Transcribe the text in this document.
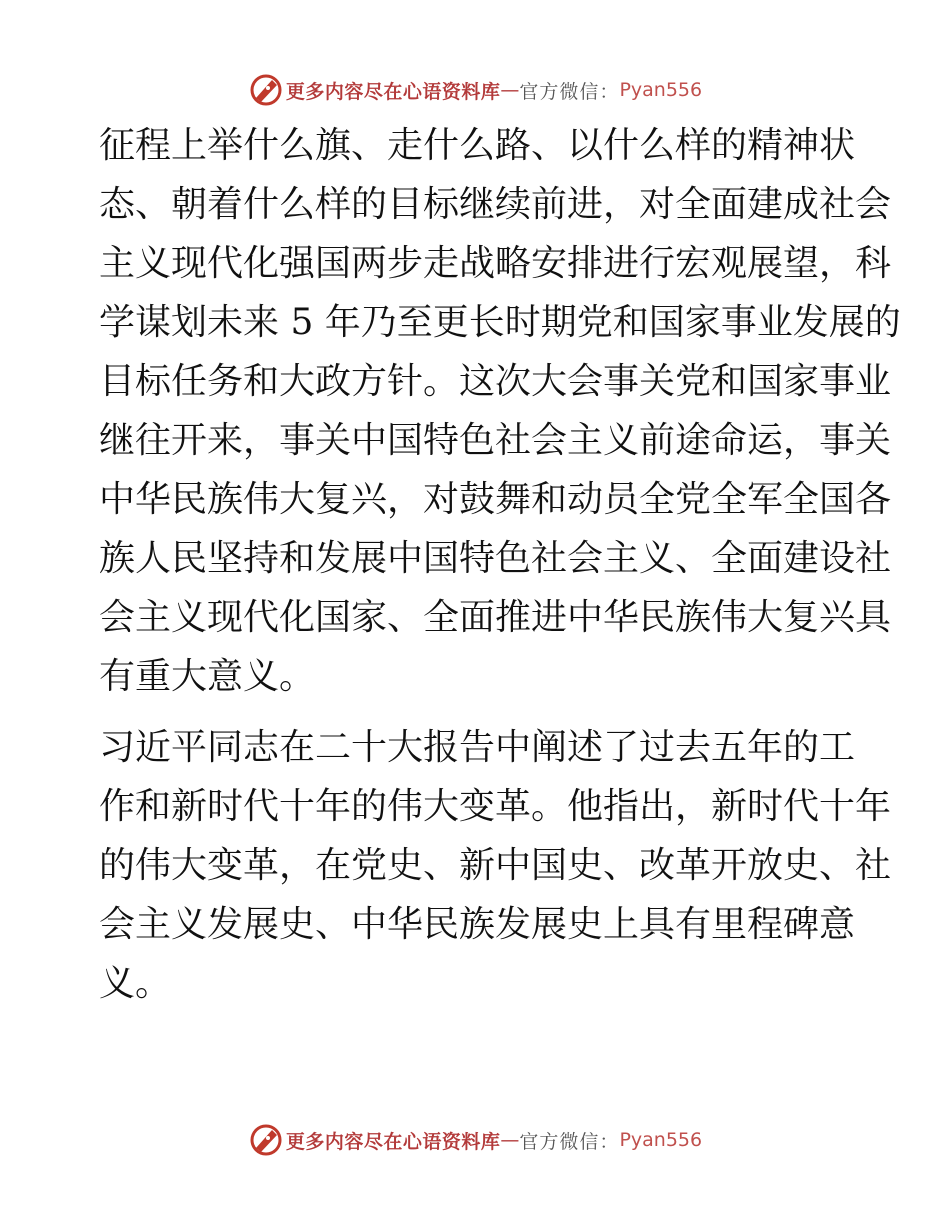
更多内容尽在心语资料库 — 官方微信： Pyan556

征程上举什么旗、走什么路、以什么样的精神状
态、朝着什么样的目标继续前进，对全面建成社会
主义现代化强国两步走战略安排进行宏观展望，科
学谋划未来 5 年乃至更长时期党和国家事业发展的
目标任务和大政方针。这次大会事关党和国家事业
继往开来，事关中国特色社会主义前途命运，事关
中华民族伟大复兴，对鼓舞和动员全党全军全国各
族人民坚持和发展中国特色社会主义、全面建设社
会主义现代化国家、全面推进中华民族伟大复兴具
有重大意义。

习近平同志在二十大报告中阐述了过去五年的工
作和新时代十年的伟大变革。他指出，新时代十年
的伟大变革，在党史、新中国史、改革开放史、社
会主义发展史、中华民族发展史上具有里程碑意
义。

更多内容尽在心语资料库 — 官方微信： Pyan556
